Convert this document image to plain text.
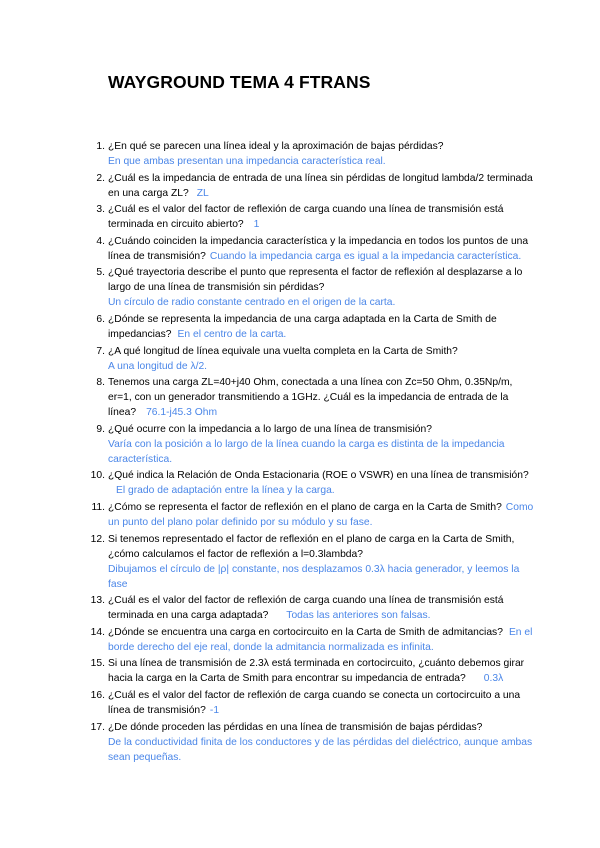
WAYGROUND TEMA 4 FTRANS
1. ¿En qué se parecen una línea ideal y la aproximación de bajas pérdidas?
En que ambas presentan una impedancia característica real.
2. ¿Cuál es la impedancia de entrada de una línea sin pérdidas de longitud lambda/2 terminada en una carga ZL? ZL
3. ¿Cuál es el valor del factor de reflexión de carga cuando una línea de transmisión está terminada en circuito abierto? 1
4. ¿Cuándo coinciden la impedancia característica y la impedancia en todos los puntos de una línea de transmisión? Cuando la impedancia carga es igual a la impedancia característica.
5. ¿Qué trayectoria describe el punto que representa el factor de reflexión al desplazarse a lo largo de una línea de transmisión sin pérdidas?
Un círculo de radio constante centrado en el origen de la carta.
6. ¿Dónde se representa la impedancia de una carga adaptada en la Carta de Smith de impedancias? En el centro de la carta.
7. ¿A qué longitud de línea equivale una vuelta completa en la Carta de Smith?
A una longitud de λ/2.
8. Tenemos una carga ZL=40+j40 Ohm, conectada a una línea con Zc=50 Ohm, 0.35Np/m, er=1, con un generador transmitiendo a 1GHz. ¿Cuál es la impedancia de entrada de la línea? 76.1-j45.3 Ohm
9. ¿Qué ocurre con la impedancia a lo largo de una línea de transmisión?
Varía con la posición a lo largo de la línea cuando la carga es distinta de la impedancia característica.
10. ¿Qué indica la Relación de Onda Estacionaria (ROE o VSWR) en una línea de transmisión?El grado de adaptación entre la línea y la carga.
11. ¿Cómo se representa el factor de reflexión en el plano de carga en la Carta de Smith? Como un punto del plano polar definido por su módulo y su fase.
12. Si tenemos representado el factor de reflexión en el plano de carga en la Carta de Smith, ¿cómo calculamos el factor de reflexión a l=0.3lambda?
Dibujamos el círculo de |ρ| constante, nos desplazamos 0.3λ hacia generador, y leemos la fase
13. ¿Cuál es el valor del factor de reflexión de carga cuando una línea de transmisión está terminada en una carga adaptada? Todas las anteriores son falsas.
14. ¿Dónde se encuentra una carga en cortocircuito en la Carta de Smith de admitancias? En el borde derecho del eje real, donde la admitancia normalizada es infinita.
15. Si una línea de transmisión de 2.3λ está terminada en cortocircuito, ¿cuánto debemos girar hacia la carga en la Carta de Smith para encontrar su impedancia de entrada? 0.3λ
16. ¿Cuál es el valor del factor de reflexión de carga cuando se conecta un cortocircuito a una línea de transmisión? -1
17. ¿De dónde proceden las pérdidas en una línea de transmisión de bajas pérdidas?
De la conductividad finita de los conductores y de las pérdidas del dieléctrico, aunque ambas sean pequeñas.
